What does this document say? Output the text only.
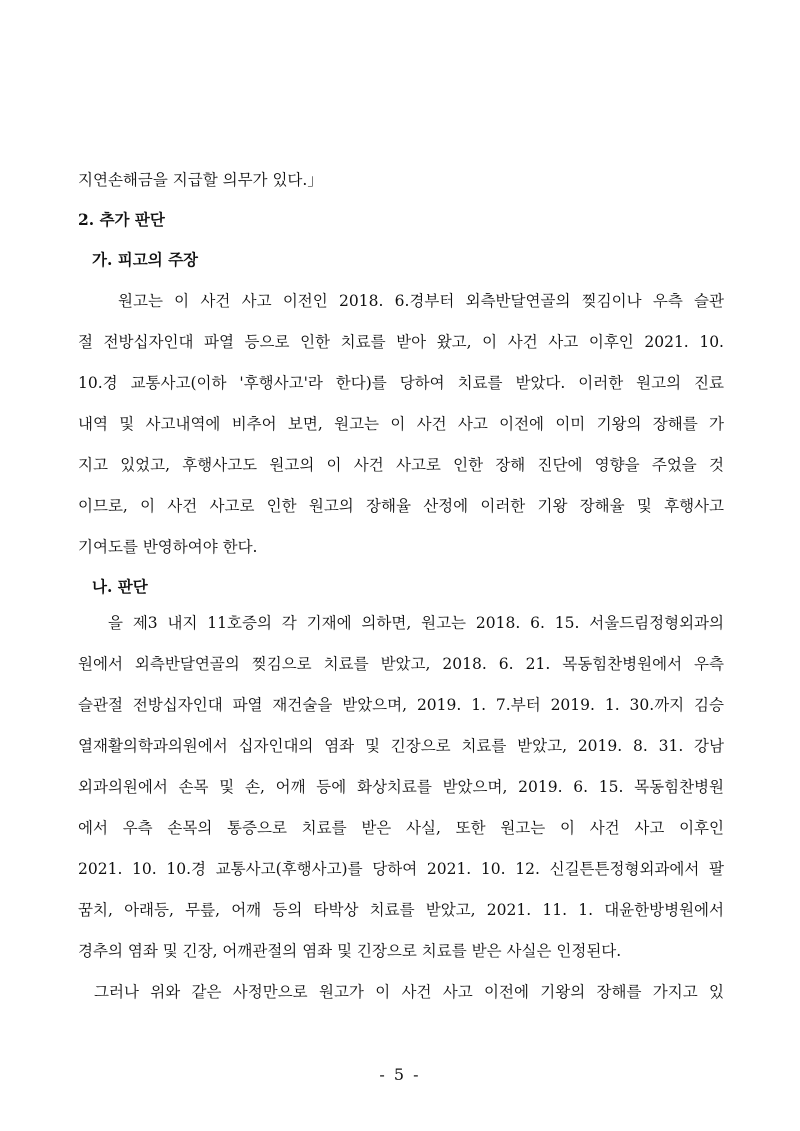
지연손해금을 지급할 의무가 있다.」
2. 추가 판단
가. 피고의 주장
원고는 이 사건 사고 이전인 2018. 6.경부터 외측반달연골의 찢김이나 우측 슬관
절 전방십자인대 파열 등으로 인한 치료를 받아 왔고, 이 사건 사고 이후인 2021. 10.
10.경 교통사고(이하 '후행사고'라 한다)를 당하여 치료를 받았다. 이러한 원고의 진료
내역 및 사고내역에 비추어 보면, 원고는 이 사건 사고 이전에 이미 기왕의 장해를 가
지고 있었고, 후행사고도 원고의 이 사건 사고로 인한 장해 진단에 영향을 주었을 것
이므로, 이 사건 사고로 인한 원고의 장해율 산정에 이러한 기왕 장해율 및 후행사고
기여도를 반영하여야 한다.
나. 판단
을 제3 내지 11호증의 각 기재에 의하면, 원고는 2018. 6. 15. 서울드림정형외과의
원에서 외측반달연골의 찢김으로 치료를 받았고, 2018. 6. 21. 목동힘찬병원에서 우측
슬관절 전방십자인대 파열 재건술을 받았으며, 2019. 1. 7.부터 2019. 1. 30.까지 김승
열재활의학과의원에서 십자인대의 염좌 및 긴장으로 치료를 받았고, 2019. 8. 31. 강남
외과의원에서 손목 및 손, 어깨 등에 화상치료를 받았으며, 2019. 6. 15. 목동힘찬병원
에서 우측 손목의 통증으로 치료를 받은 사실, 또한 원고는 이 사건 사고 이후인
2021. 10. 10.경 교통사고(후행사고)를 당하여 2021. 10. 12. 신길튼튼정형외과에서 팔
꿈치, 아래등, 무릎, 어깨 등의 타박상 치료를 받았고, 2021. 11. 1. 대윤한방병원에서
경추의 염좌 및 긴장, 어깨관절의 염좌 및 긴장으로 치료를 받은 사실은 인정된다.
그러나 위와 같은 사정만으로 원고가 이 사건 사고 이전에 기왕의 장해를 가지고 있
- 5 -
